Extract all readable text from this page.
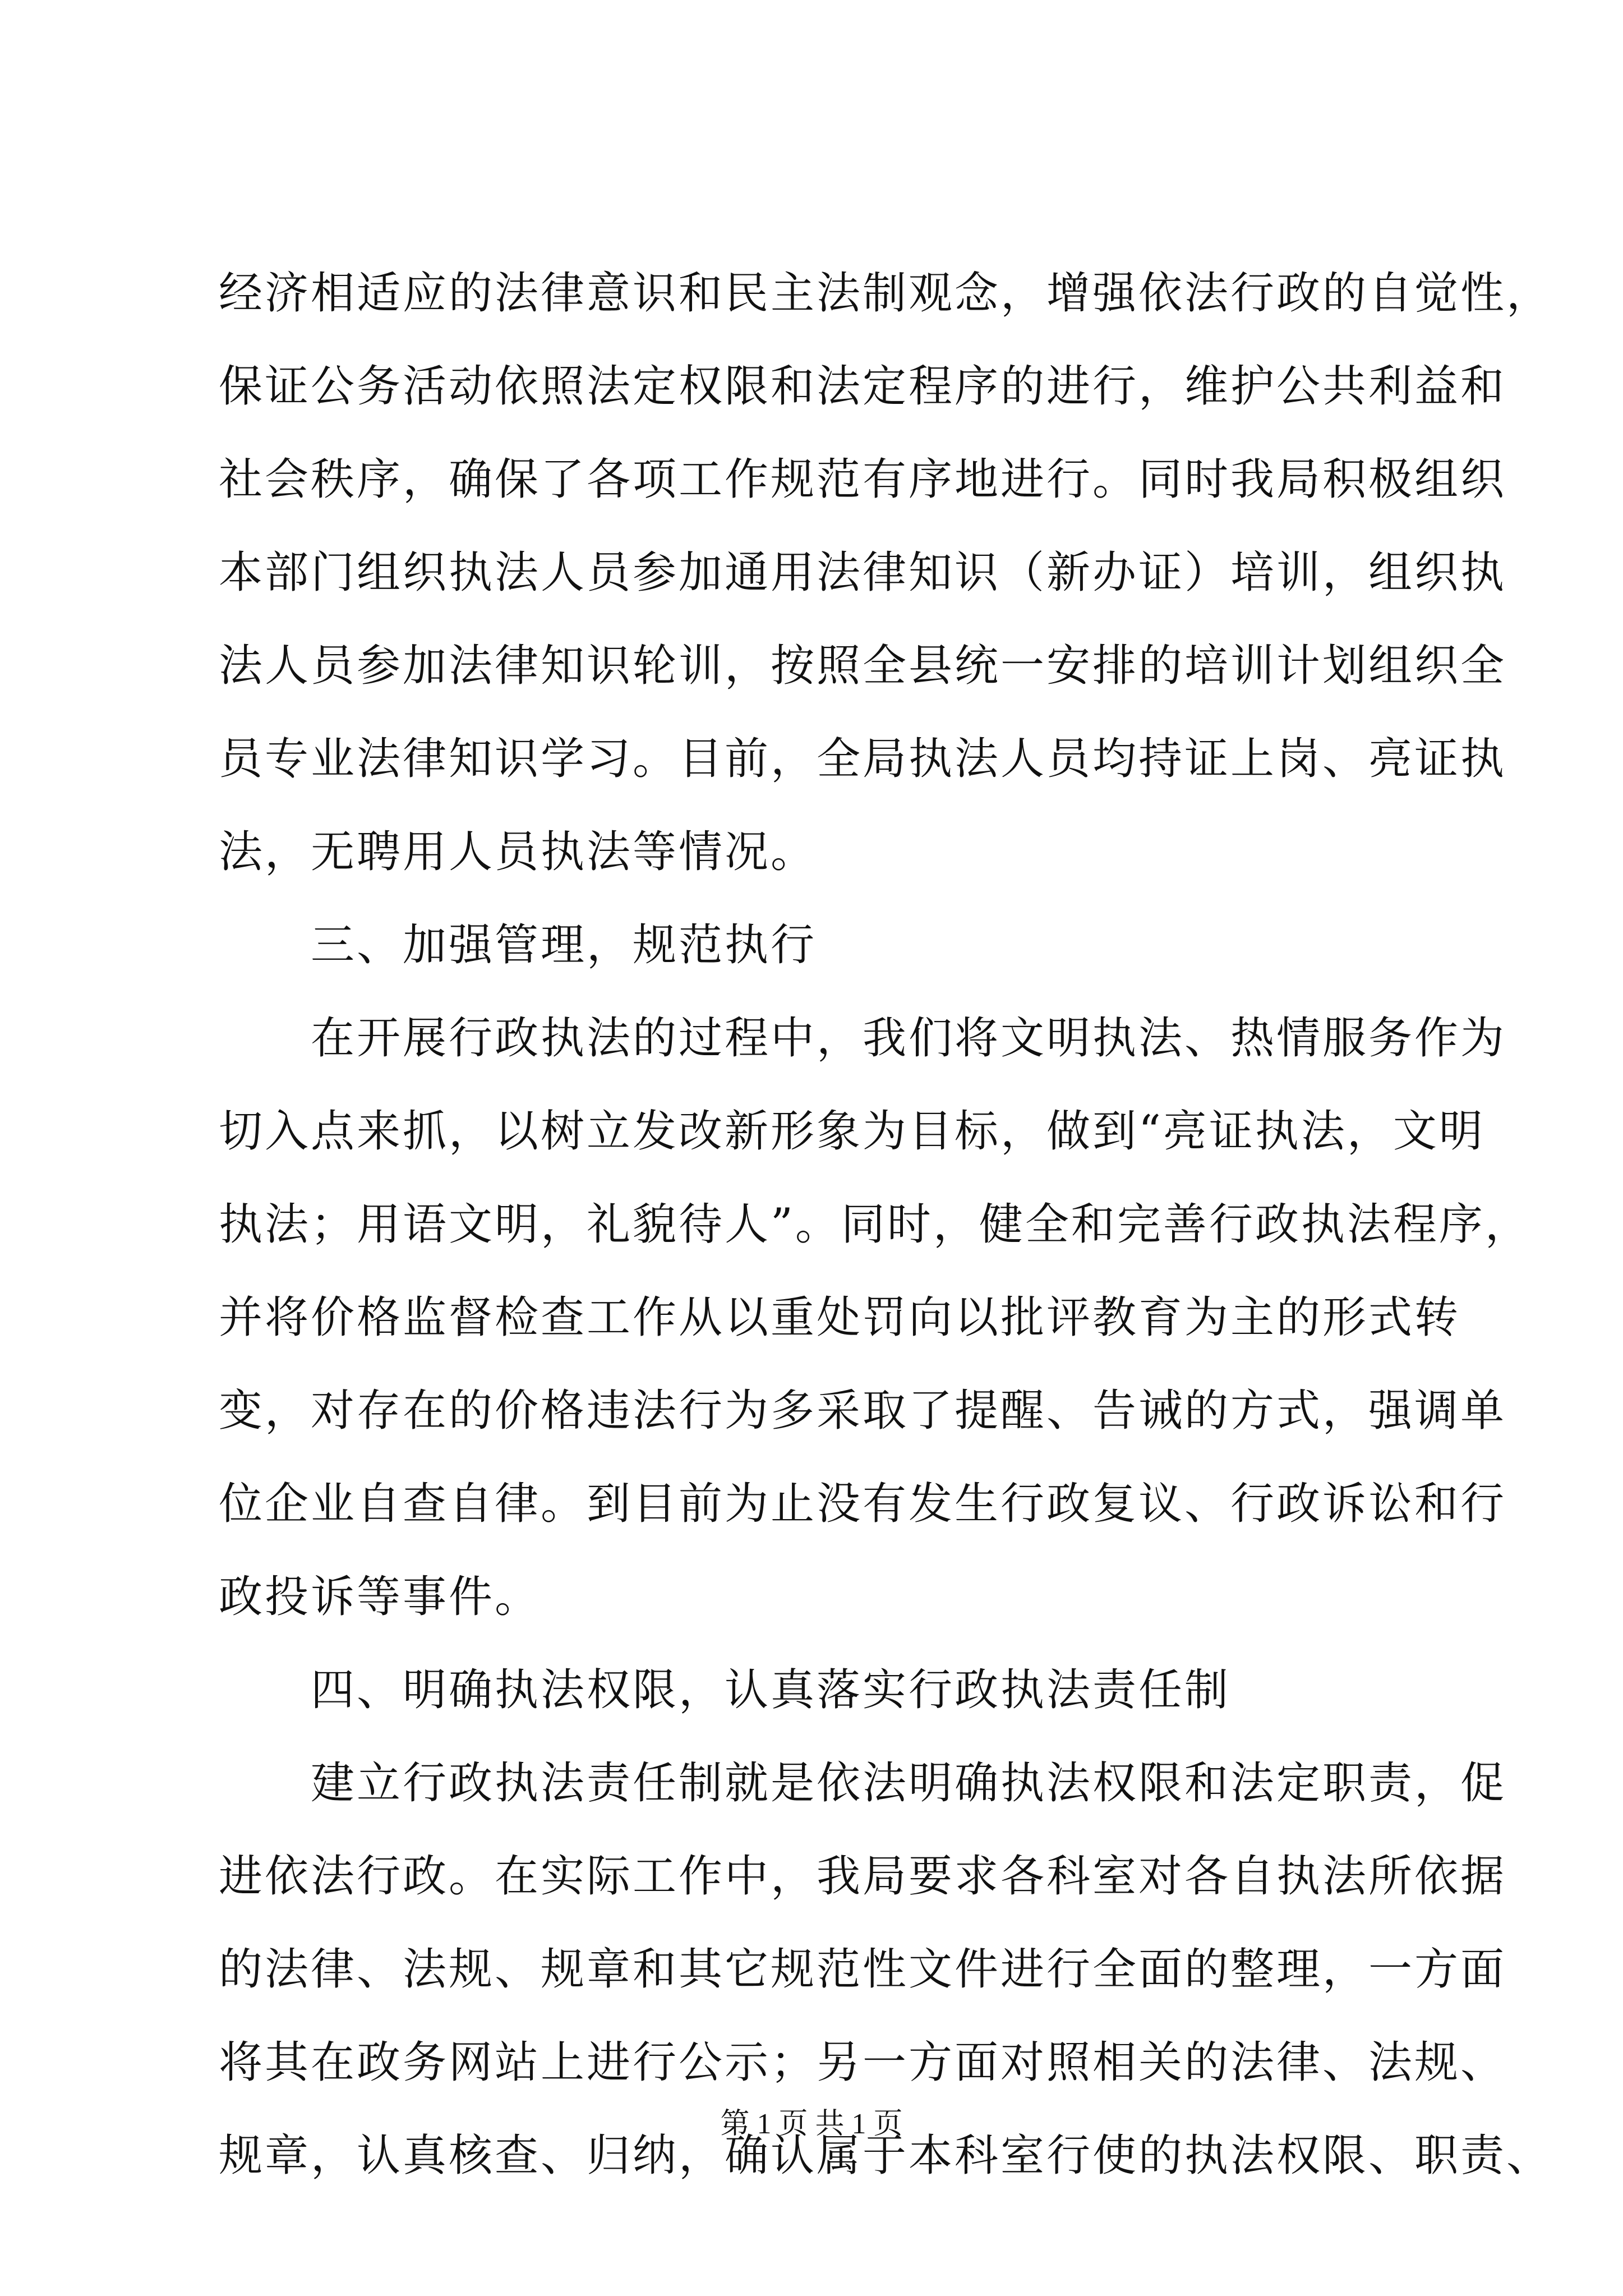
经济相适应的法律意识和民主法制观念，增强依法行政的自觉性，
保证公务活动依照法定权限和法定程序的进行，维护公共利益和
社会秩序，确保了各项工作规范有序地进行。同时我局积极组织
本部门组织执法人员参加通用法律知识（新办证）培训，组织执
法人员参加法律知识轮训，按照全县统一安排的培训计划组织全
员专业法律知识学习。目前，全局执法人员均持证上岗、亮证执
法，无聘用人员执法等情况。
三、加强管理，规范执行
在开展行政执法的过程中，我们将文明执法、热情服务作为
切入点来抓，以树立发改新形象为目标，做到“亮证执法，文明
执法；用语文明，礼貌待人”。同时，健全和完善行政执法程序，
并将价格监督检查工作从以重处罚向以批评教育为主的形式转
变，对存在的价格违法行为多采取了提醒、告诫的方式，强调单
位企业自查自律。到目前为止没有发生行政复议、行政诉讼和行
政投诉等事件。
四、明确执法权限，认真落实行政执法责任制
建立行政执法责任制就是依法明确执法权限和法定职责，促
进依法行政。在实际工作中，我局要求各科室对各自执法所依据
的法律、法规、规章和其它规范性文件进行全面的整理，一方面
将其在政务网站上进行公示；另一方面对照相关的法律、法规、
规章，认真核查、归纳，确认属于本科室行使的执法权限、职责、
第 1 页 共 1 页
